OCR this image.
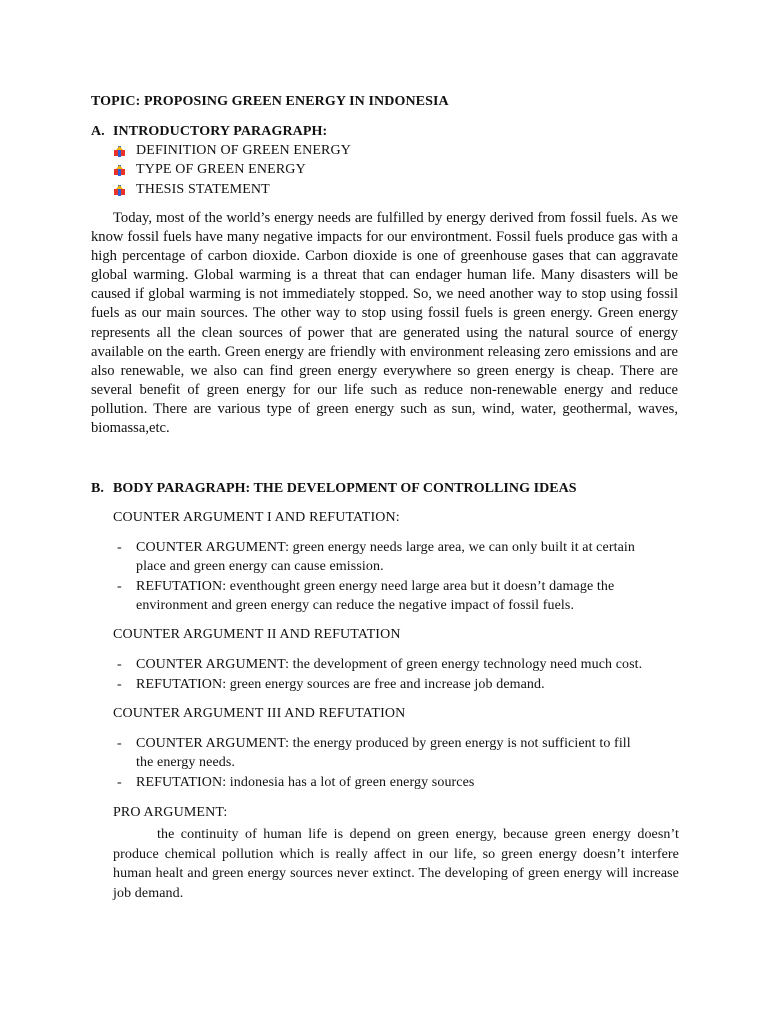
TOPIC: PROPOSING GREEN ENERGY IN INDONESIA
A. INTRODUCTORY PARAGRAPH:
DEFINITION OF GREEN ENERGY
TYPE OF GREEN ENERGY
THESIS STATEMENT
Today, most of the world’s energy needs are fulfilled by energy derived from fossil fuels. As we know fossil fuels have many negative impacts for our environtment. Fossil fuels produce gas with a high percentage of carbon dioxide. Carbon dioxide is one of greenhouse gases that can aggravate global warming. Global warming is a threat that can endager human life. Many disasters will be caused if global warming is not immediately stopped. So, we need another way to stop using fossil fuels as our main sources. The other way to stop using fossil fuels is green energy. Green energy represents all the clean sources of power that are generated using the natural source of energy available on the earth. Green energy are friendly with environment releasing zero emissions and are also renewable, we also can find green energy everywhere so green energy is cheap. There are several benefit of green energy for our life such as reduce non-renewable energy and reduce pollution. There are various type of green energy such as sun, wind, water, geothermal, waves, biomassa,etc.
B. BODY PARAGRAPH: THE DEVELOPMENT OF CONTROLLING IDEAS
COUNTER ARGUMENT I AND REFUTATION:
- COUNTER ARGUMENT: green energy needs large area, we can only built it at certain
place and green energy can cause emission.
- REFUTATION: eventhought green energy need large area but it doesn’t damage the
environment and green energy can reduce the negative impact of fossil fuels.
COUNTER ARGUMENT II AND REFUTATION
- COUNTER ARGUMENT: the development of green energy technology need much cost.
- REFUTATION: green energy sources are free and increase job demand.
COUNTER ARGUMENT III AND REFUTATION
- COUNTER ARGUMENT: the energy produced by green energy is not sufficient to fill
the energy needs.
- REFUTATION: indonesia has a lot of green energy sources
PRO ARGUMENT:
the continuity of human life is depend on green energy, because green energy doesn’t produce chemical pollution which is really affect in our life, so green energy doesn’t interfere human healt and green energy sources never extinct. The developing of green energy will increase job demand.
